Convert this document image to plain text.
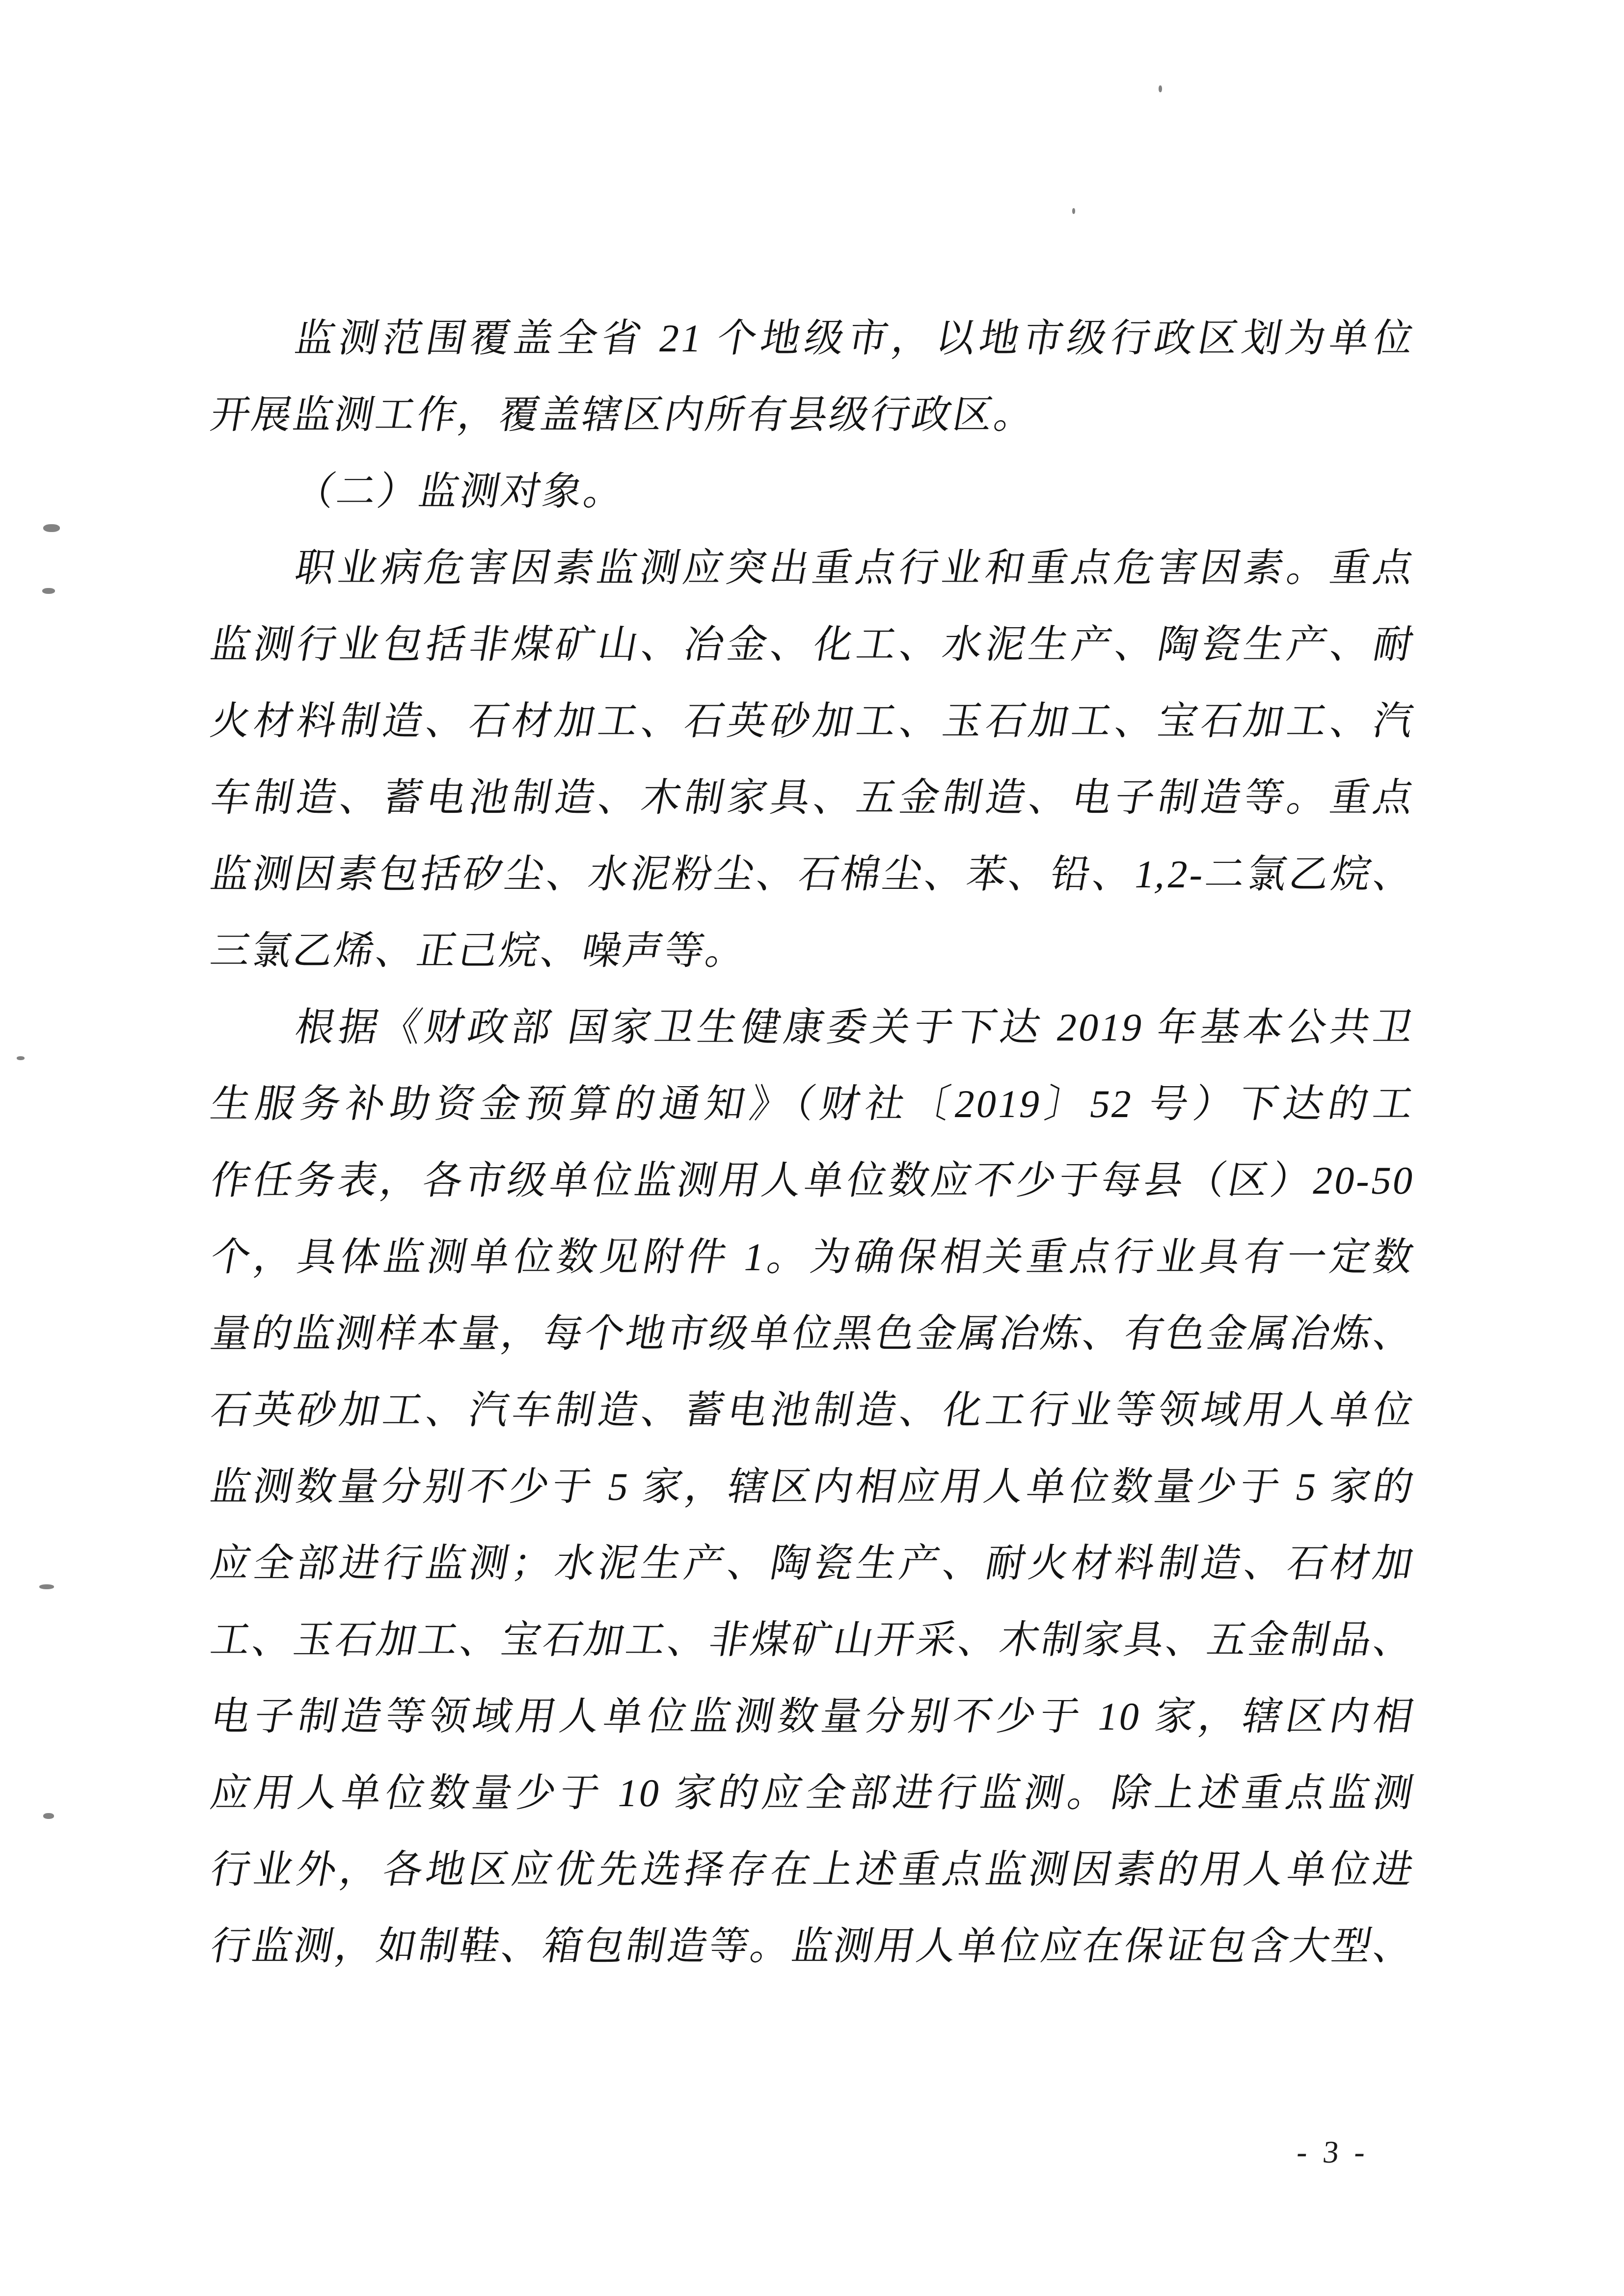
监测范围覆盖全省 21 个地级市，以地市级行政区划为单位
开展监测工作，覆盖辖区内所有县级行政区。
（二）监测对象。
职业病危害因素监测应突出重点行业和重点危害因素。重点
监测行业包括非煤矿山、冶金、化工、水泥生产、陶瓷生产、耐
火材料制造、石材加工、石英砂加工、玉石加工、宝石加工、汽
车制造、蓄电池制造、木制家具、五金制造、电子制造等。重点
监测因素包括矽尘、水泥粉尘、石棉尘、苯、铅、1,2-二氯乙烷、
三氯乙烯、正己烷、噪声等。
根据《财政部 国家卫生健康委关于下达 2019 年基本公共卫
生服务补助资金预算的通知》（财社〔2019〕52 号）下达的工
作任务表，各市级单位监测用人单位数应不少于每县（区）20-50
个，具体监测单位数见附件 1。为确保相关重点行业具有一定数
量的监测样本量，每个地市级单位黑色金属冶炼、有色金属冶炼、
石英砂加工、汽车制造、蓄电池制造、化工行业等领域用人单位
监测数量分别不少于 5 家，辖区内相应用人单位数量少于 5 家的
应全部进行监测；水泥生产、陶瓷生产、耐火材料制造、石材加
工、玉石加工、宝石加工、非煤矿山开采、木制家具、五金制品、
电子制造等领域用人单位监测数量分别不少于 10 家，辖区内相
应用人单位数量少于 10 家的应全部进行监测。除上述重点监测
行业外，各地区应优先选择存在上述重点监测因素的用人单位进
行监测，如制鞋、箱包制造等。监测用人单位应在保证包含大型、
- 3 -
